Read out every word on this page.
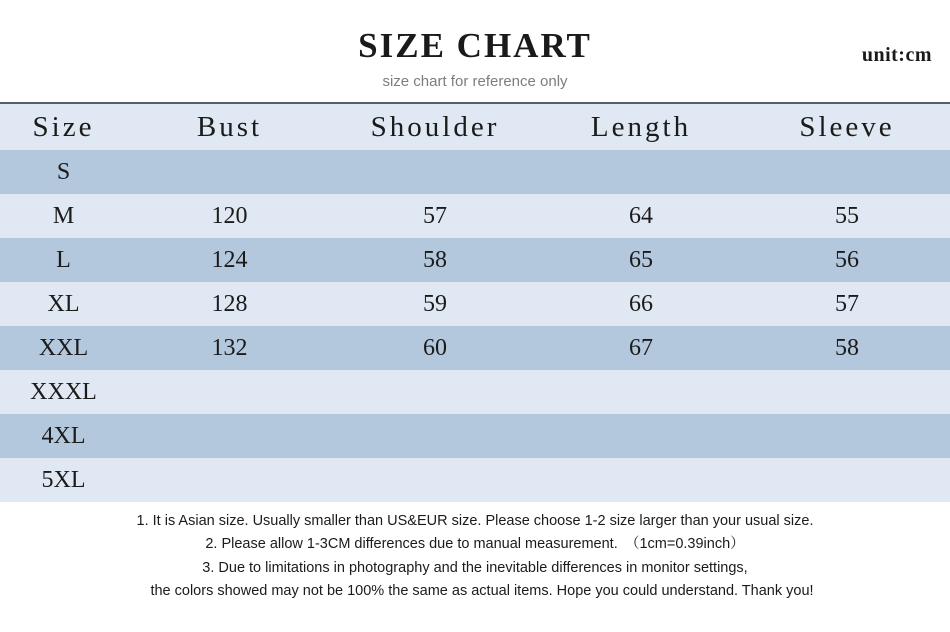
SIZE CHART
size chart for reference only
unit:cm
Size	Bust	Shoulder	Length	Sleeve
S				
M	120	57	64	55
L	124	58	65	56
XL	128	59	66	57
XXL	132	60	67	58
XXXL				
4XL				
5XL				
1. It is Asian size. Usually smaller than US&EUR size. Please choose 1-2 size larger than your usual size.
2. Please allow 1-3CM differences due to manual measurement.　（1cm=0.39inch）
3. Due to limitations in photography and the inevitable differences in monitor settings,
the colors showed may not be 100% the same as actual items. Hope you could understand. Thank you!
